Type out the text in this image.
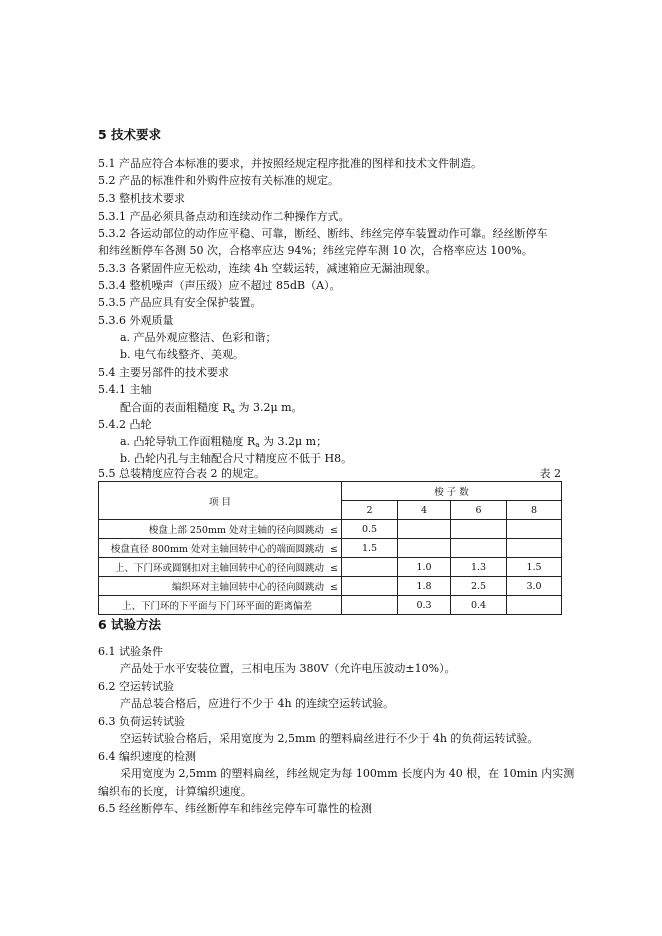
5 技术要求
5.1 产品应符合本标准的要求，并按照经规定程序批准的图样和技术文件制造。
5.2 产品的标准件和外购件应按有关标准的规定。
5.3 整机技术要求
5.3.1 产品必须具备点动和连续动作二种操作方式。
5.3.2 各运动部位的动作应平稳、可靠，断经、断纬、纬丝完停车装置动作可靠。经丝断停车
和纬丝断停车各测 50 次，合格率应达 94%；纬丝完停车测 10 次，合格率应达 100%。
5.3.3 各紧固件应无松动，连续 4h 空载运转，减速箱应无漏油现象。
5.3.4 整机噪声（声压级）应不超过 85dB（A）。
5.3.5 产品应具有安全保护装置。
5.3.6 外观质量
a. 产品外观应整洁、色彩和谐；
b. 电气布线整齐、美观。
5.4 主要另部件的技术要求
5.4.1 主轴
配合面的表面粗糙度 Ra 为 3.2μ m。
5.4.2 凸轮
a. 凸轮导轨工作面粗糙度 Ra 为 3.2μ m；
b. 凸轮内孔与主轴配合尺寸精度应不低于 H8。
5.5 总装精度应符合表 2 的规定。	表 2
项 目	梭 子 数			
	2	4	6	8
梭盘上部 250mm 处对主轴的径向圆跳动 ≤	0.5			
梭盘直径 800mm 处对主轴回转中心的端面圆跳动 ≤	1.5			
上、下门环或圆钢扣对主轴回转中心的径向圆跳动 ≤		1.0	1.3	1.5
编织环对主轴回转中心的径向圆跳动 ≤		1.8	2.5	3.0
上、下门环的下平面与下门环平面的距离偏差		0.3	0.4	
6 试验方法
6.1 试验条件
产品处于水平安装位置，三相电压为 380V（允许电压波动±10%）。
6.2 空运转试验
产品总装合格后，应进行不少于 4h 的连续空运转试验。
6.3 负荷运转试验
空运转试验合格后，采用宽度为 2,5mm 的塑料扁丝进行不少于 4h 的负荷运转试验。
6.4 编织速度的检测
采用宽度为 2,5mm 的塑料扁丝，纬丝规定为每 100mm 长度内为 40 根，在 10min 内实测
编织布的长度，计算编织速度。
6.5 经丝断停车、纬丝断停车和纬丝完停车可靠性的检测
